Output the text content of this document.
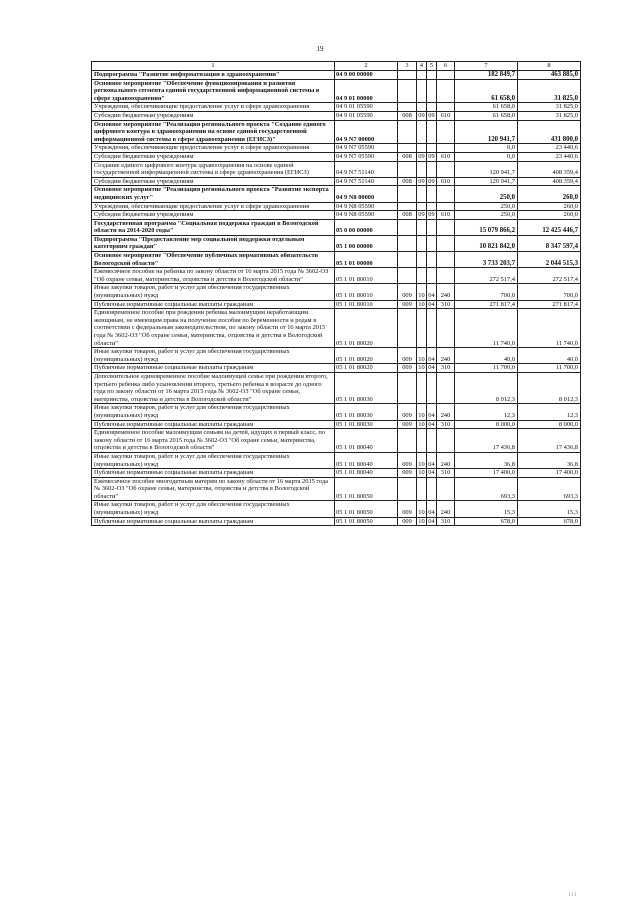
19
1	2	3	4	5	6	7	8
Подпрограмма "Развитие информатизации в здравоохранении"	04 9 00 00000					182 849,7	463 885,0
Основное мероприятие "Обеспечение функционирования и развития регионального сегмента единой государственной информационной системы в сфере здравоохранения"	04 9 01 00000					61 658,0	31 825,0
Учреждения, обеспечивающие предоставление услуг в сфере здравоохранения	04 9 01 05590					61 658,0	31 825,0
Субсидии бюджетным учреждениям	04 9 01 05590	008	09	09	610	61 658,0	31 825,0
Основное мероприятие "Реализация регионального проекта "Создание единого цифрового контура в здравоохранении на основе единой государственной информационной системы в сфере здравоохранения (ЕГИСЗ)"	04 9 N7 00000					120 941,7	431 800,0
Учреждения, обеспечивающие предоставление услуг в сфере здравоохранения	04 9 N7 05590					0,0	23 440,6
Субсидии бюджетным учреждениям	04 9 N7 05590	008	09	09	610	0,0	23 440,6
Создание единого цифрового контура здравоохранения на основе единой государственной информационной системы в сфере здравоохранения (ЕГИСЗ)	04 9 N7 51140					120 941,7	408 359,4
Субсидии бюджетным учреждениям	04 9 N7 51140	008	09	09	610	120 941,7	408 359,4
Основное мероприятие "Реализация регионального проекта "Развитие экспорта медицинских услуг"	04 9 N8 00000					250,0	260,0
Учреждения, обеспечивающие предоставление услуг в сфере здравоохранения	04 9 N8 05590					250,0	260,0
Субсидии бюджетным учреждениям	04 9 N8 05590	008	09	09	610	250,0	260,0
Государственная программа "Социальная поддержка граждан в Вологодской области на 2014-2020 годы"	05 0 00 00000					15 079 866,2	12 425 446,7
Подпрограмма "Предоставление мер социальной поддержки отдельным категориям граждан"	05 1 00 00000					10 821 842,0	8 347 597,4
Основное мероприятие "Обеспечение публичных нормативных обязательств Вологодской области"	05 1 01 00000					3 733 203,7	2 044 515,3
Ежемесячное пособие на ребенка по закону области от 16 марта 2015 года № 3602-ОЗ "Об охране семьи, материнства, отцовства и детства в Вологодской области"	05 1 01 80010					272 517,4	272 517,4
Иные закупки товаров, работ и услуг для обеспечения государственных (муниципальных) нужд	05 1 01 80010	009	10	04	240	700,0	700,0
Публичные нормативные социальные выплаты гражданам	05 1 01 80010	009	10	04	310	271 817,4	271 817,4
Единовременное пособие при рождении ребенка малоимущим неработающим женщинам, не имеющим права на получение пособия по беременности и родам в соответствии с федеральным законодательством, по закону области от 16 марта 2015 года № 3602-ОЗ "Об охране семьи, материнства, отцовства и детства в Вологодской области"	05 1 01 80020					11 740,0	11 740,0
Иные закупки товаров, работ и услуг для обеспечения государственных (муниципальных) нужд	05 1 01 80020	009	10	04	240	40,0	40,0
Публичные нормативные социальные выплаты гражданам	05 1 01 80020	009	10	04	310	11 700,0	11 700,0
Дополнительное единовременное пособие малоимущей семье при рождении второго, третьего ребенка либо усыновлении второго, третьего ребенка в возрасте до одного года по закону области от 16 марта 2015 года № 3602-ОЗ "Об охране семьи, материнства, отцовства и детства в Вологодской области"	05 1 01 80030					8 012,3	8 012,3
Иные закупки товаров, работ и услуг для обеспечения государственных (муниципальных) нужд	05 1 01 80030	009	10	04	240	12,3	12,3
Публичные нормативные социальные выплаты гражданам	05 1 01 80030	009	10	04	310	8 000,0	8 000,0
Единовременное пособие малоимущим семьям на детей, идущих в первый класс, по закону области от 16 марта 2015 года № 3602-ОЗ "Об охране семьи, материнства, отцовства и детства в Вологодской области"	05 1 01 80040					17 436,8	17 436,8
Иные закупки товаров, работ и услуг для обеспечения государственных (муниципальных) нужд	05 1 01 80040	009	10	04	240	36,8	36,8
Публичные нормативные социальные выплаты гражданам	05 1 01 80040	009	10	04	310	17 400,0	17 400,0
Ежемесячное пособие многодетным матерям по закону области от 16 марта 2015 года № 3602-ОЗ "Об охране семьи, материнства, отцовства и детства в Вологодской области"	05 1 01 80050					693,3	693,3
Иные закупки товаров, работ и услуг для обеспечения государственных (муниципальных) нужд	05 1 01 80050	009	10	04	240	15,3	15,3
Публичные нормативные социальные выплаты гражданам	05 1 01 80050	009	10	04	310	678,0	678,0
I I I
